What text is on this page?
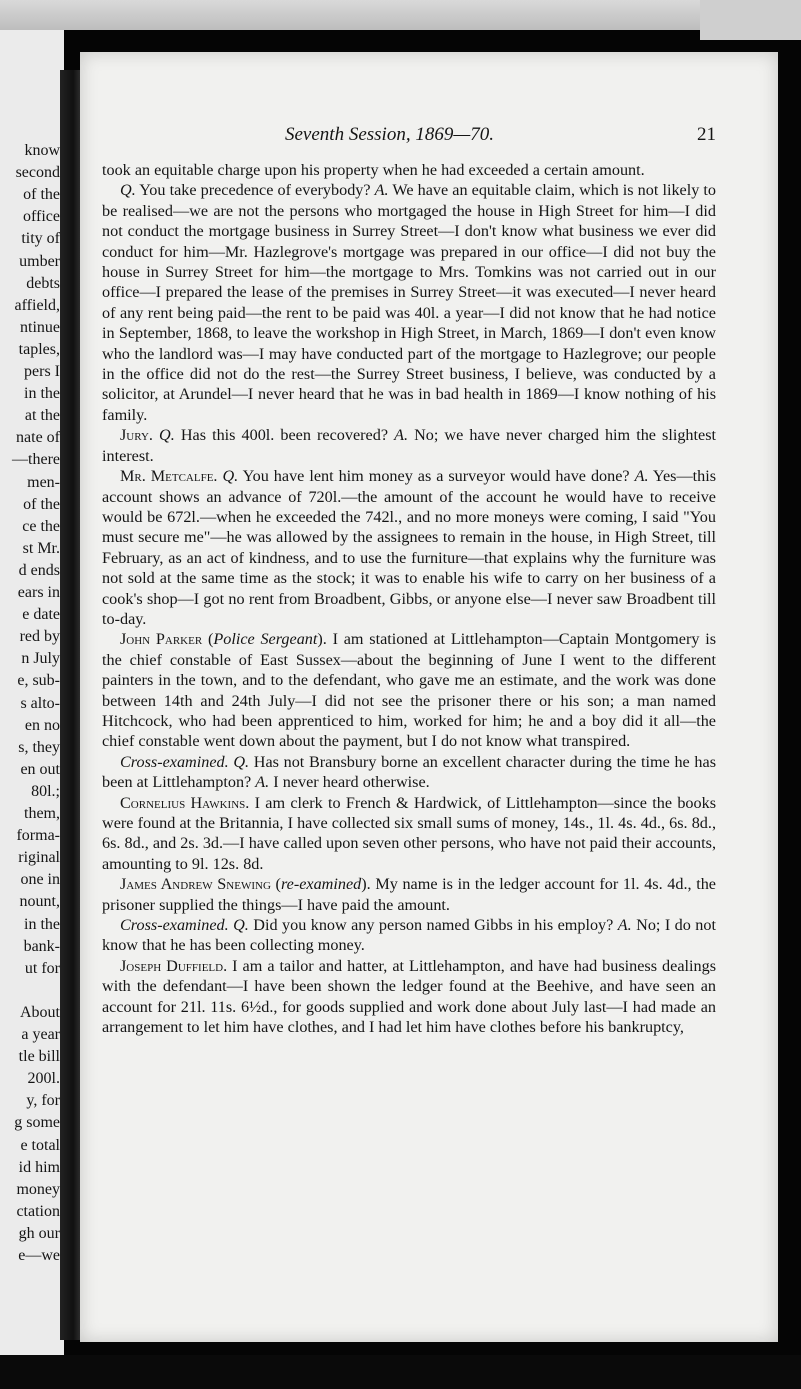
know
second
of the
office
tity of
umber
debts
affield,
ntinue
taples,
pers I
in the
at the
nate of
—there
men-
of the
ce the
st Mr.
d ends
ears in
e date
red by
n July
e, sub-
s alto-
en no
s, they
en out
80l.;
them,
forma-
riginal
one in
nount,
in the
bank-
ut for
About
a year
tle bill
200l.
y, for
g some
e total
id him
money
ctation
gh our
e—we
Seventh Session, 1869—70.	21

took an equitable charge upon his property when he had exceeded a certain amount.

Q. You take precedence of everybody? A. We have an equitable claim, which is not likely to be realised—we are not the persons who mortgaged the house in High Street for him—I did not conduct the mortgage business in Surrey Street—I don't know what business we ever did conduct for him—Mr. Hazlegrove's mortgage was prepared in our office—I did not buy the house in Surrey Street for him—the mortgage to Mrs. Tomkins was not carried out in our office—I prepared the lease of the premises in Surrey Street—it was executed—I never heard of any rent being paid—the rent to be paid was 40l. a year—I did not know that he had notice in September, 1868, to leave the workshop in High Street, in March, 1869—I don't even know who the landlord was—I may have conducted part of the mortgage to Hazlegrove; our people in the office did not do the rest—the Surrey Street business, I believe, was conducted by a solicitor, at Arundel—I never heard that he was in bad health in 1869—I know nothing of his family.

Jury. Q. Has this 400l. been recovered? A. No; we have never charged him the slightest interest.

Mr. Metcalfe. Q. You have lent him money as a surveyor would have done? A. Yes—this account shows an advance of 720l.—the amount of the account he would have to receive would be 672l.—when he exceeded the 742l., and no more moneys were coming, I said "You must secure me"—he was allowed by the assignees to remain in the house, in High Street, till February, as an act of kindness, and to use the furniture—that explains why the furniture was not sold at the same time as the stock; it was to enable his wife to carry on her business of a cook's shop—I got no rent from Broadbent, Gibbs, or anyone else—I never saw Broadbent till to-day.

John Parker (Police Sergeant). I am stationed at Littlehampton—Captain Montgomery is the chief constable of East Sussex—about the beginning of June I went to the different painters in the town, and to the defendant, who gave me an estimate, and the work was done between 14th and 24th July—I did not see the prisoner there or his son; a man named Hitchcock, who had been apprenticed to him, worked for him; he and a boy did it all—the chief constable went down about the payment, but I do not know what transpired.

Cross-examined. Q. Has not Bransbury borne an excellent character during the time he has been at Littlehampton? A. I never heard otherwise.

Cornelius Hawkins. I am clerk to French & Hardwick, of Littlehampton—since the books were found at the Britannia, I have collected six small sums of money, 14s., 1l. 4s. 4d., 6s. 8d., 6s. 8d., and 2s. 3d.—I have called upon seven other persons, who have not paid their accounts, amounting to 9l. 12s. 8d.

James Andrew Snewing (re-examined). My name is in the ledger account for 1l. 4s. 4d., the prisoner supplied the things—I have paid the amount.

Cross-examined. Q. Did you know any person named Gibbs in his employ? A. No; I do not know that he has been collecting money.

Joseph Duffield. I am a tailor and hatter, at Littlehampton, and have had business dealings with the defendant—I have been shown the ledger found at the Beehive, and have seen an account for 21l. 11s. 6½d., for goods supplied and work done about July last—I had made an arrangement to let him have clothes, and I had let him have clothes before his bankruptcy,
